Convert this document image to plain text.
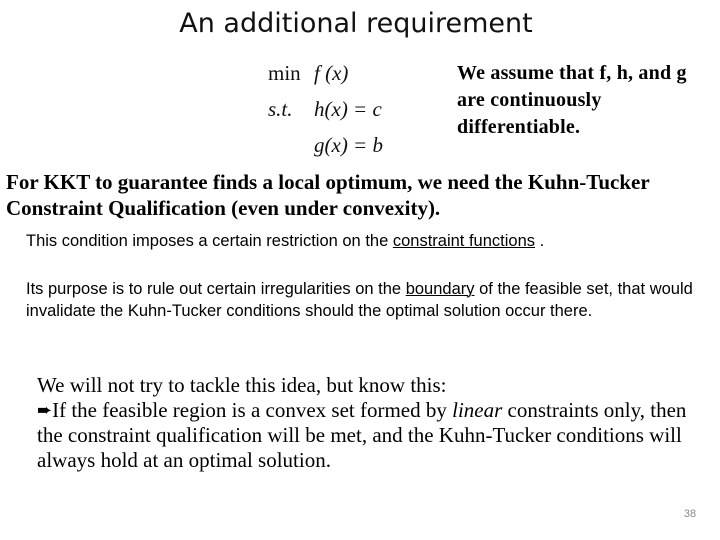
An additional requirement
min f (x)
s.t. h(x) = c
g(x) = b
We assume that f, h, and g are continuously differentiable.
For KKT to guarantee finds a local optimum, we need the Kuhn-Tucker Constraint Qualification (even under convexity).
This condition imposes a certain restriction on the constraint functions .
Its purpose is to rule out certain irregularities on the boundary of the feasible set, that would invalidate the Kuhn-Tucker conditions should the optimal solution occur there.
We will not try to tackle this idea, but know this:
➨If the feasible region is a convex set formed by linear constraints only, then the constraint qualification will be met, and the Kuhn-Tucker conditions will always hold at an optimal solution.
38
